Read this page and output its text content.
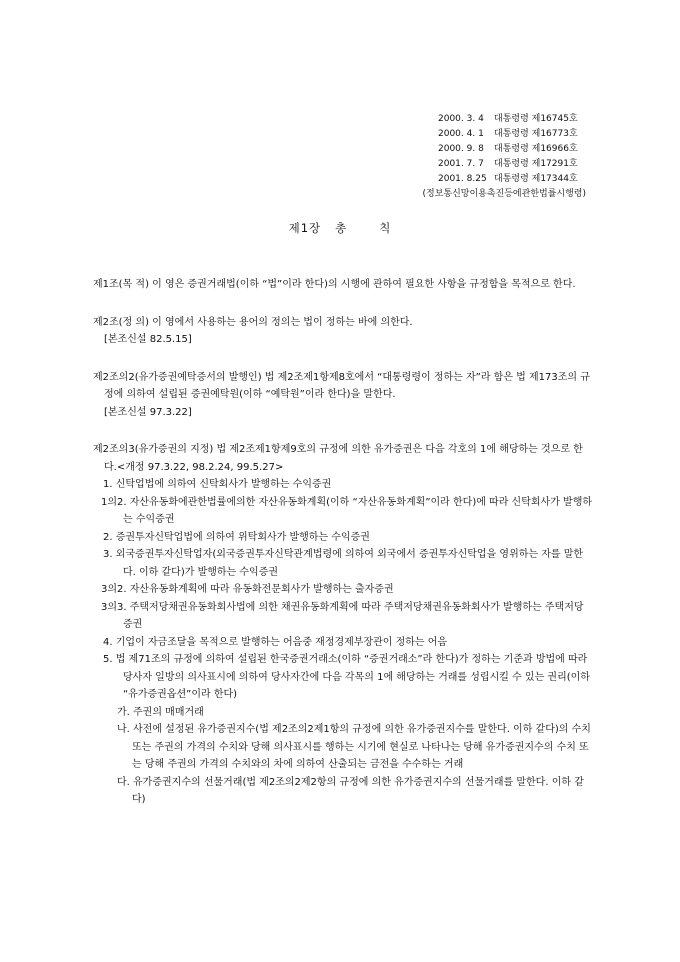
2000. 3. 4	대통령령 제16745호
2000. 4. 1	대통령령 제16773호
2000. 9. 8	대통령령 제16966호
2001. 7. 7	대통령령 제17291호
2001. 8.25 대통령령 제17344호
(정보통신망이용촉진등에관한법률시행령)
제1장 총	칙

제1조(목 적) 이 영은 증권거래법(이하 “법”이라 한다)의 시행에 관하여 필요한 사항을 규정함을 목적으로 한다.

제2조(정 의) 이 영에서 사용하는 용어의 정의는 법이 정하는 바에 의한다.

[본조신설 82.5.15]

제2조의2(유가증권예탁증서의 발행인) 법 제2조제1항제8호에서 “대통령령이 정하는 자”라 함은 법 제173조의 규정에 의하여 설립된 증권예탁원(이하 “예탁원”이라 한다)을 말한다.

[본조신설 97.3.22]

제2조의3(유가증권의 지정) 법 제2조제1항제9호의 규정에 의한 유가증권은 다음 각호의 1에 해당하는 것으로 한다.<개정 97.3.22, 98.2.24, 99.5.27>

1. 신탁업법에 의하여 신탁회사가 발행하는 수익증권

1의2. 자산유동화에관한법률에의한 자산유동화계획(이하 “자산유동화계획”이라 한다)에 따라 신탁회사가 발행하는 수익증권

2. 증권투자신탁업법에 의하여 위탁회사가 발행하는 수익증권

3. 외국증권투자신탁업자(외국증권투자신탁관계법령에 의하여 외국에서 증권투자신탁업을 영위하는 자를 말한다. 이하 같다)가 발행하는 수익증권

3의2. 자산유동화계획에 따라 유동화전문회사가 발행하는 출자증권

3의3. 주택저당채권유동화회사법에 의한 채권유동화계획에 따라 주택저당채권유동화회사가 발행하는 주택저당증권

4. 기업이 자금조달을 목적으로 발행하는 어음중 재정경제부장관이 정하는 어음

5. 법 제71조의 규정에 의하여 설립된 한국증권거래소(이하 “증권거래소”라 한다)가 정하는 기준과 방법에 따라 당사자 일방의 의사표시에 의하여 당사자간에 다음 각목의 1에 해당하는 거래를 성립시킬 수 있는 권리(이하 “유가증권옵션”이라 한다)

가. 주권의 매매거래

나. 사전에 설정된 유가증권지수(법 제2조의2제1항의 규정에 의한 유가증권지수를 말한다. 이하 같다)의 수치 또는 주권의 가격의 수치와 당해 의사표시를 행하는 시기에 현실로 나타나는 당해 유가증권지수의 수치 또는 당해 주권의 가격의 수치와의 차에 의하여 산출되는 금전을 수수하는 거래

다. 유가증권지수의 선물거래(법 제2조의2제2항의 규정에 의한 유가증권지수의 선물거래를 말한다. 이하 같다)
